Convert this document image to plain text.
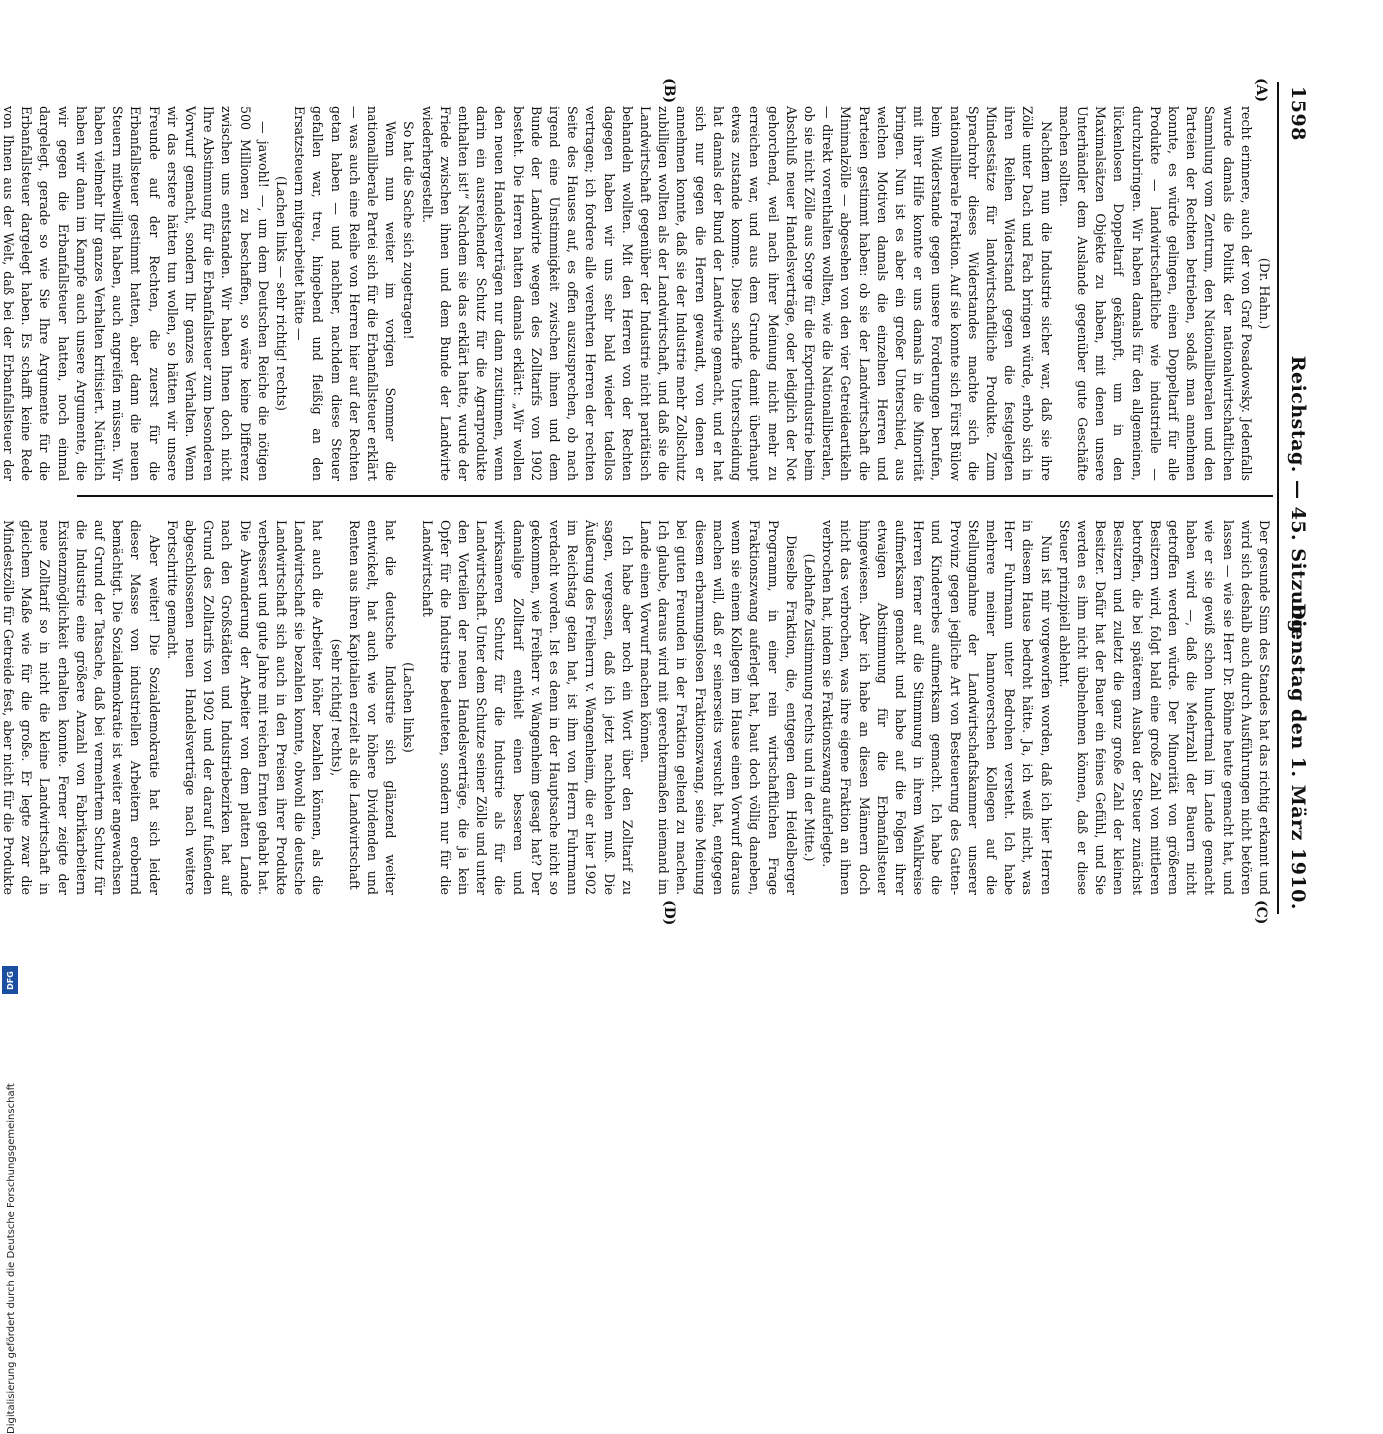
1598
Reichstag. — 45. Sitzung.
Dienstag den 1. März 1910.
(A)
(B)
(C)
(D)

(Dr. Hahn.)

recht erinnere, auch der von Graf Posadowsky. Jedenfalls wurde damals die Politik der nationalwirtschaftlichen Sammlung vom Zentrum, den Nationalliberalen und den Parteien der Rechten betrieben, sodaß man annehmen konnte, es würde gelingen, einen Doppeltarif für alle Produkte — landwirtschaftliche wie industrielle — durchzubringen. Wir haben damals für den allgemeinen, lückenlosen Doppeltarif gekämpft, um in den Maximalsätzen Objekte zu haben, mit denen unsere Unterhändler dem Auslande gegenüber gute Geschäfte machen sollten.

Nachdem nun die Industrie sicher war, daß sie ihre Zölle unter Dach und Fach bringen würde, erhob sich in ihren Reihen Widerstand gegen die festgelegten Mindestsätze für landwirtschaftliche Produkte. Zum Sprachrohr dieses Widerstandes machte sich die nationalliberale Fraktion. Auf sie konnte sich Fürst Bülow beim Widerstande gegen unsere Forderungen berufen, mit ihrer Hilfe konnte er uns damals in die Minorität bringen. Nun ist es aber ein großer Unterschied, aus welchen Motiven damals die einzelnen Herren und Parteien gestimmt haben: ob sie der Landwirtschaft die Minimalzölle — abgesehen von den vier Getreideartikeln — direkt vorenthalten wollten, wie die Nationalliberalen, ob sie nicht Zölle aus Sorge für die Exportindustrie beim Abschluß neuer Handelsverträge, oder lediglich der Not gehorchend, weil nach ihrer Meinung nicht mehr zu erreichen war, und aus dem Grunde damit überhaupt etwas zustande komme. Diese scharfe Unterscheidung hat damals der Bund der Landwirte gemacht, und er hat sich nur gegen die Herren gewandt, von denen er annehmen konnte, daß sie der Industrie mehr Zollschutz zubilligen wollten als der Landwirtschaft, und daß sie die Landwirtschaft gegenüber der Industrie nicht paritätisch behandeln wollten. Mit den Herren von der Rechten dagegen haben wir uns sehr bald wieder tadellos vertragen; ich fordere alle verehrten Herren der rechten Seite des Hauses auf, es offen auszusprechen, ob nach irgend eine Unstimmigkeit zwischen ihnen und dem Bunde der Landwirte wegen des Zolltarifs von 1902 besteht. Die Herren hatten damals erklärt: „Wir wollen den neuen Handelsverträgen nur dann zustimmen, wenn darin ein ausreichender Schutz für die Agrarprodukte enthalten ist!“ Nachdem sie das erklärt hatte, wurde der Friede zwischen ihnen und dem Bunde der Landwirte wiederhergestellt.

So hat die Sache sich zugetragen!

Wenn nun weiter im vorigen Sommer die nationalliberale Partei sich für die Erbanfallsteuer erklärt — was auch eine Reihe von Herren hier auf der Rechten getan haben — und nachher, nachdem diese Steuer gefallen war, treu, hingebend und fleißig an den Ersatzsteuern mitgearbeitet hätte —

(Lachen links — sehr richtig! rechts)

— jawohl! —, um dem Deutschen Reiche die nötigen 500 Millionen zu beschaffen, so wäre keine Differenz zwischen uns entstanden. Wir haben Ihnen doch nicht Ihre Abstimmung für die Erbanfallsteuer zum besonderen Vorwurf gemacht, sondern Ihr ganzes Verhalten. Wenn wir das erstere hätten tun wollen, so hätten wir unsere Freunde auf der Rechten, die zuerst für die Erbanfallsteuer gestimmt hatten, aber dann die neuen Steuern mitbewilligt haben, auch angreifen müssen. Wir haben vielmehr Ihr ganzes Verhalten kritisiert. Natürlich haben wir dann im Kampfe auch unsere Argumente, die wir gegen die Erbanfallsteuer hatten, noch einmal dargelegt, gerade so wie Sie Ihre Argumente für die Erbanfallsteuer dargelegt haben. Es schafft keine Rede von Ihnen aus der Welt, daß bei der Erbanfallsteuer der

Der gesunde Sinn des Standes hat das richtig erkannt und wird sich deshalb auch durch Ausführungen nicht betören lassen — wie sie Herr Dr. Böhme heute gemacht hat, und wie er sie gewiß schon hundertmal im Lande gemacht haben wird —, daß die Mehrzahl der Bauern nicht getroffen werden würde. Der Minorität von größeren Besitzern wird, folgt bald eine große Zahl von mittleren betroffen, die bei späterem Ausbau der Steuer zunächst Besitzern und zuletzt die ganz große Zahl der kleinen Besitzer. Dafür hat der Bauer ein feines Gefühl, und Sie werden es ihm nicht übelnehmen können, daß er diese Steuer prinzipiell ablehnt.

Nun ist mir vorgeworfen worden, daß ich hier Herren in diesem Hause bedroht hätte. Ja, ich weiß nicht, was Herr Fuhrmann unter Bedrohen versteht. Ich habe mehrere meiner hannoverschen Kollegen auf die Stellungnahme der Landwirtschaftskammer unserer Provinz gegen jegliche Art von Besteuerung des Gatten- und Kindererbes aufmerksam gemacht. Ich habe die Herren ferner auf die Stimmung in ihrem Wahlkreise aufmerksam gemacht und habe auf die Folgen ihrer etwaigen Abstimmung für die Erbanfallsteuer hingewiesen. Aber ich habe an diesen Männern doch nicht das verbrochen, was ihre eigene Fraktion an ihnen verbrochen hat, indem sie Fraktionszwang auferlegte.

(Lebhafte Zustimmung rechts und in der Mitte.)

Dieselbe Fraktion, die, entgegen dem Heidelberger Programm, in einer rein wirtschaftlichen Frage Fraktionszwang auferlegt hat, baut doch völlig daneben, wenn sie einem Kollegen im Hause einen Vorwurf daraus machen will, daß er seinerseits versucht hat, entgegen diesem erbarmungslosen Fraktionszwang, seine Meinung bei guten Freunden in der Fraktion geltend zu machen. Ich glaube, daraus wird mit gerechtermaßen niemand im Lande einen Vorwurf machen können.

Ich habe aber noch ein Wort über den Zolltarif zu sagen, vergessen, daß ich jetzt nachholen muß. Die Äußerung des Freiherrn v. Wangenheim, die er hier 1902 im Reichstag getan hat, ist ihm von Herrn Fuhrmann verdacht worden. Ist es denn in der Hauptsache nicht so gekommen, wie Freiherr v. Wangenheim gesagt hat? Der damalige Zolltarif enthielt einen besseren und wirksameren Schutz für die Industrie als für die Landwirtschaft. Unter dem Schutze seiner Zölle und unter den Vorteilen der neuen Handelsverträge, die ja kein Opfer für die Industrie bedeuteten, sondern nur für die Landwirtschaft

(Lachen links)

hat die deutsche Industrie sich glänzend weiter entwickelt, hat auch wie vor höhere Dividenden und Renten aus ihren Kapitalien erzielt als die Landwirtschaft

(sehr richtig! rechts),

hat auch die Arbeiter höher bezahlen können, als die Landwirtschaft sie bezahlen konnte, obwohl die deutsche Landwirtschaft sich auch in den Preisen ihrer Produkte verbessert und gute Jahre mit reichen Ernten gehabt hat. Die Abwanderung der Arbeiter von dem platten Lande nach den Großstädten und Industriebezirken hat auf Grund des Zolltarifs von 1902 und der darauf fußenden abgeschlossenen neuen Handelsverträge nach weitere Fortschritte gemacht.

Aber weiter! Die Sozialdemokratie hat sich leider dieser Masse von industriellen Arbeitern erobernd bemächtigt. Die Sozialdemokratie ist weiter angewachsen auf Grund der Tatsache, daß bei vermehrtem Schutz für die Industrie eine größere Anzahl von Fabrikarbeitern Existenzmöglichkeit erhalten konnte. Ferner zeigte der neue Zolltarif so in nicht die kleine Landwirtschaft in gleichem Maße wie für die große. Er legte zwar die Mindestzölle für Getreide fest, aber nicht für die Produkte

Digitalisierung gefördert durch die Deutsche Forschungsgemeinschaft
DFG
